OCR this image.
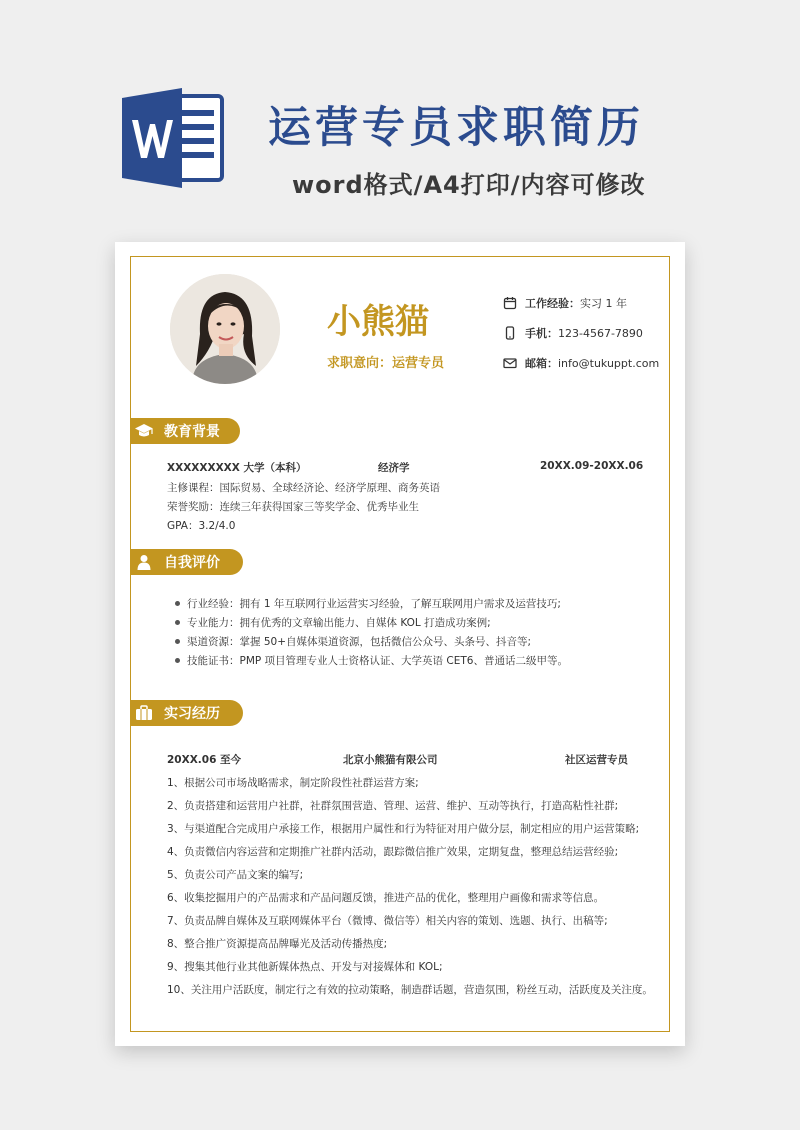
运营专员求职简历
word格式/A4打印/内容可修改
小熊猫
求职意向：运营专员
工作经验： 实习 1 年
手机： 123-4567-7890
邮箱： info@tukuppt.com
教育背景
XXXXXXXXX 大学（本科）	经济学	20XX.09-20XX.06
主修课程：国际贸易、全球经济论、经济学原理、商务英语
荣誉奖励：连续三年获得国家三等奖学金、优秀毕业生
GPA：3.2/4.0
自我评价
行业经验：拥有 1 年互联网行业运营实习经验，了解互联网用户需求及运营技巧;
专业能力：拥有优秀的文章输出能力、自媒体 KOL 打造成功案例;
渠道资源：掌握 50+自媒体渠道资源，包括微信公众号、头条号、抖音等;
技能证书：PMP 项目管理专业人士资格认证、大学英语 CET6、普通话二级甲等。
实习经历
20XX.06 至今	北京小熊猫有限公司	社区运营专员
1、根据公司市场战略需求，制定阶段性社群运营方案;
2、负责搭建和运营用户社群，社群氛围营造、管理、运营、维护、互动等执行，打造高粘性社群;
3、与渠道配合完成用户承接工作，根据用户属性和行为特征对用户做分层，制定相应的用户运营策略;
4、负责微信内容运营和定期推广社群内活动，跟踪微信推广效果，定期复盘，整理总结运营经验;
5、负责公司产品文案的编写;
6、收集挖掘用户的产品需求和产品问题反馈，推进产品的优化，整理用户画像和需求等信息。
7、负责品牌自媒体及互联网媒体平台（微博、微信等）相关内容的策划、选题、执行、出稿等;
8、整合推广资源提高品牌曝光及活动传播热度;
9、搜集其他行业其他新媒体热点、开发与对接媒体和 KOL;
10、关注用户活跃度，制定行之有效的拉动策略，制造群话题，营造氛围，粉丝互动，活跃度及关注度。
